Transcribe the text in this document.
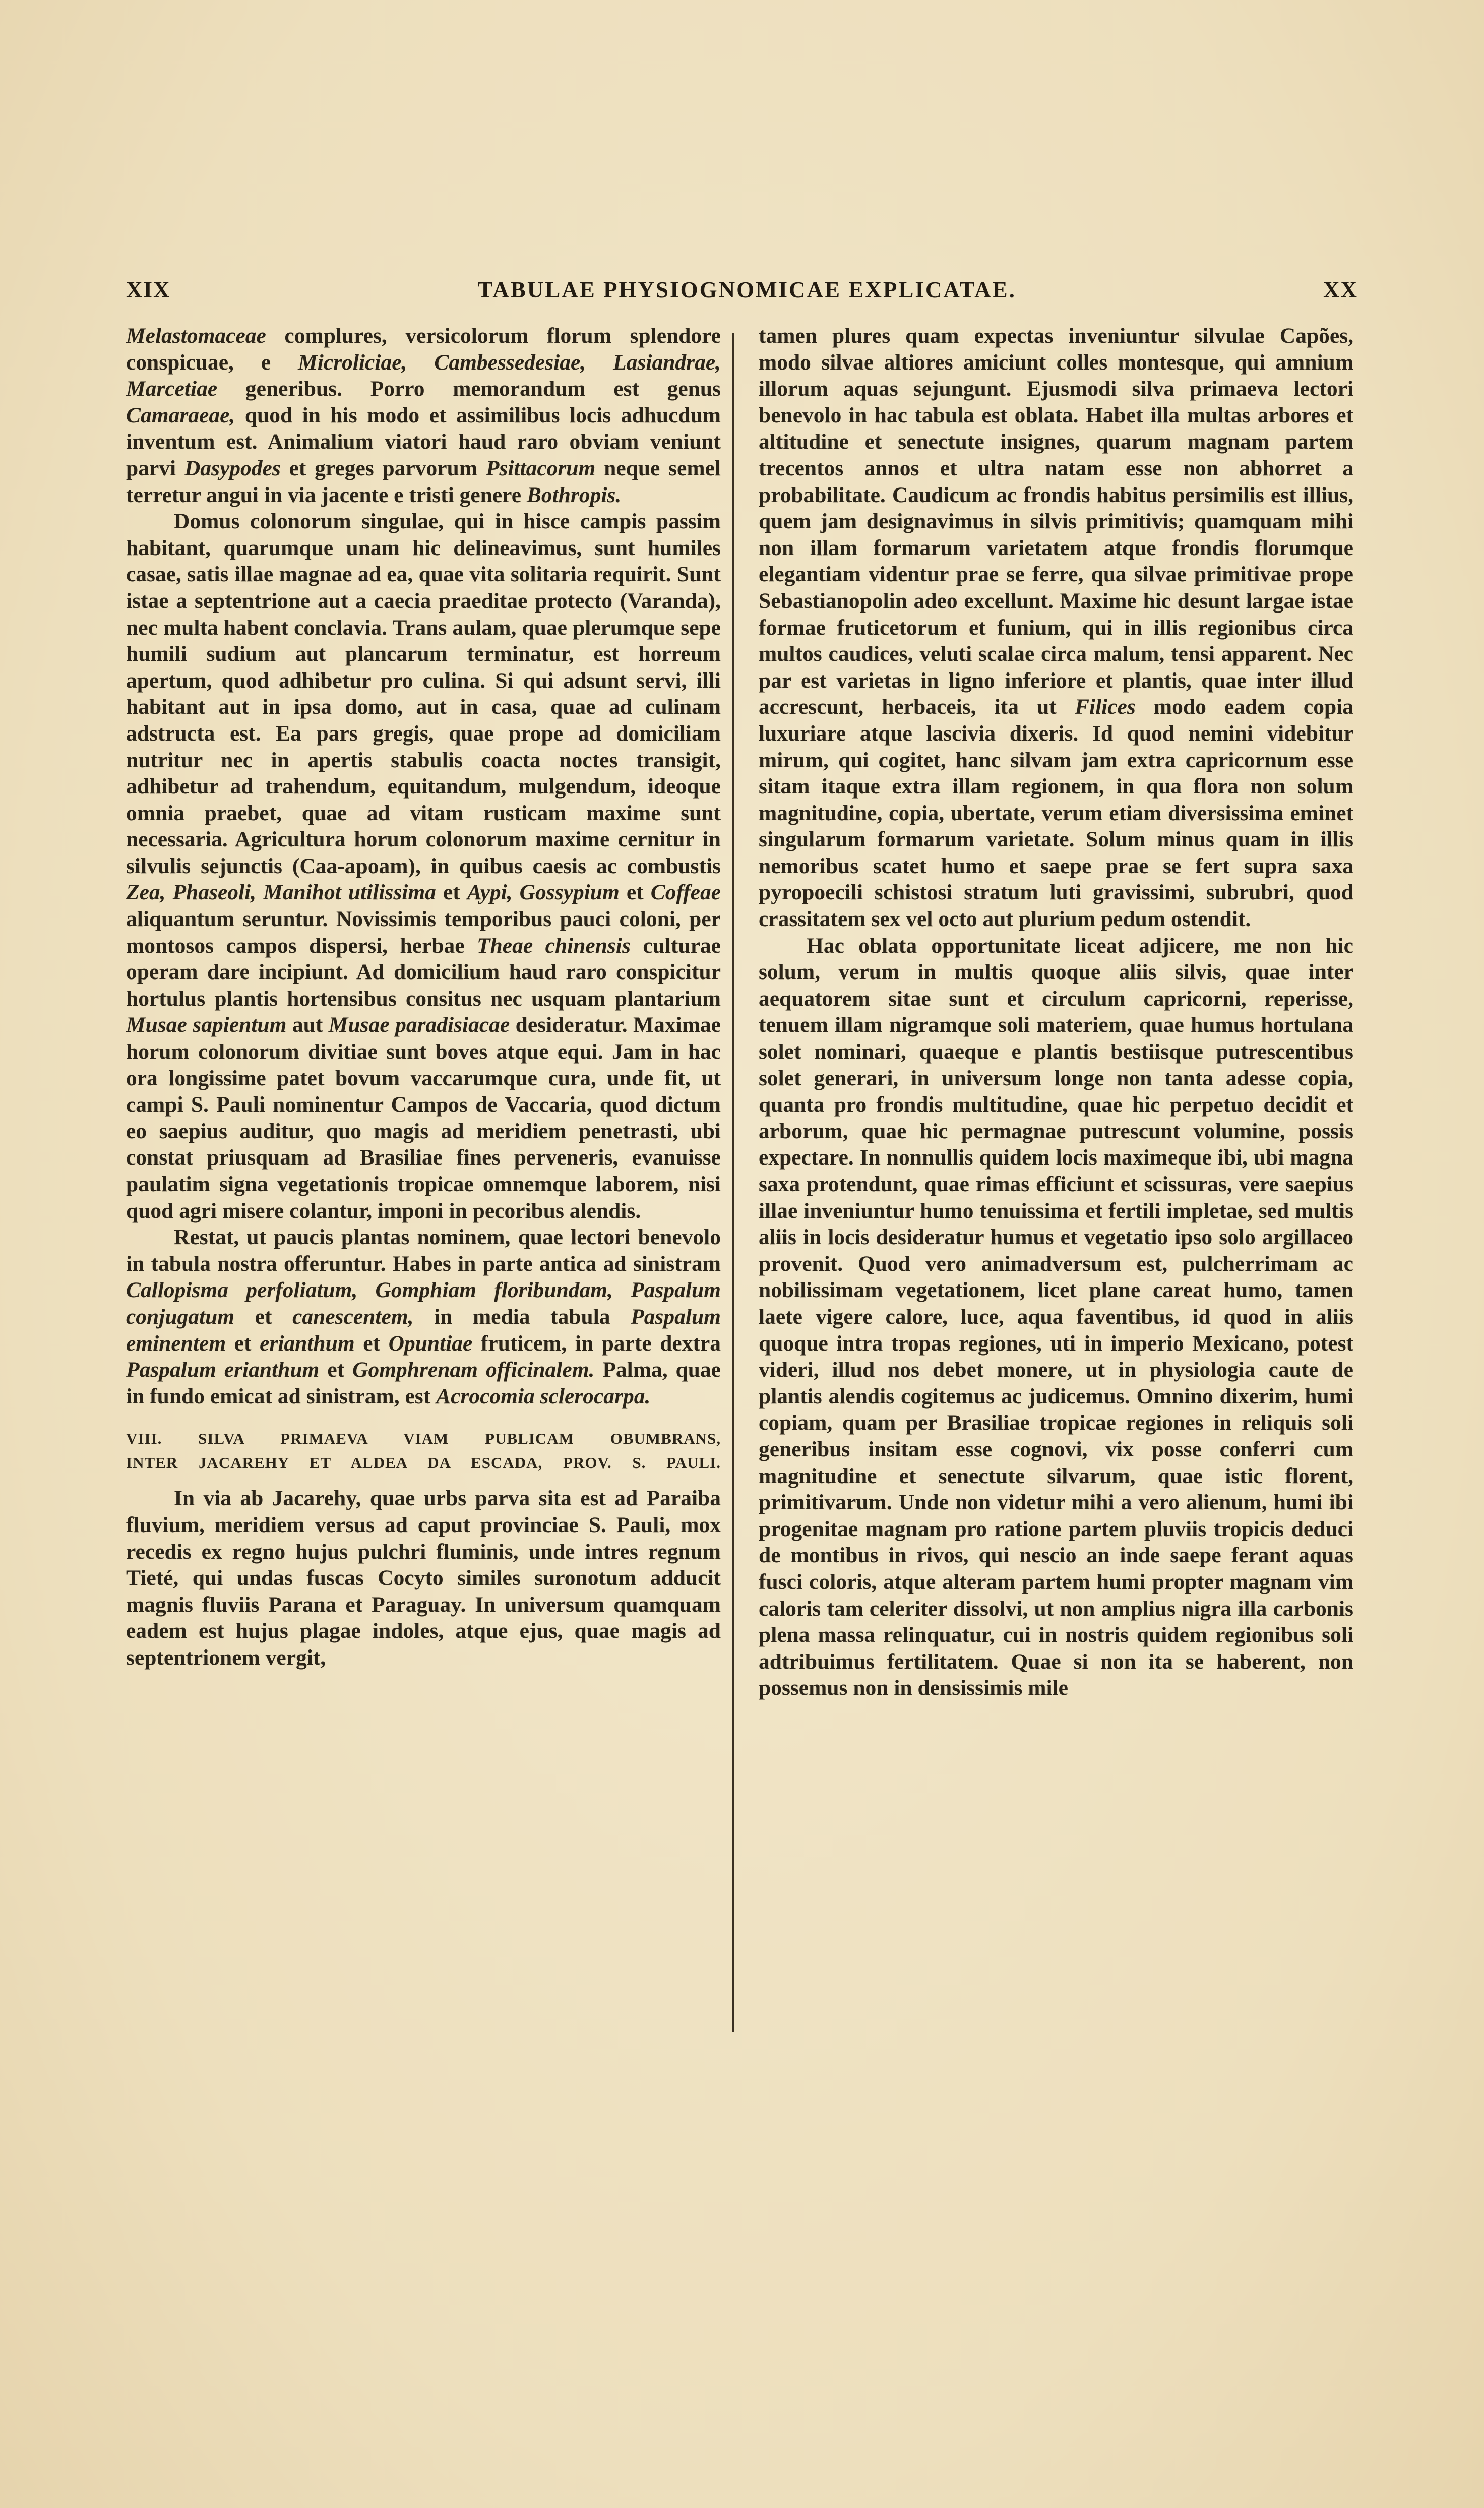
XIX	TABULAE PHYSIOGNOMICAE EXPLICATAE.	XX

Melastomaceae complures, versicolorum florum splendore conspicuae, e Microliciae, Cambessedesiae, Lasiandrae, Marcetiae generibus. Porro memorandum est genus Camaraeae, quod in his modo et assimilibus locis adhucdum inventum est. Animalium viatori haud raro obviam veniunt parvi Dasypodes et greges parvorum Psittacorum neque semel terretur angui in via jacente e tristi genere Bothropis.

Domus colonorum singulae, qui in hisce campis passim habitant, quarumque unam hic delineavimus, sunt humiles casae, satis illae magnae ad ea, quae vita solitaria requirit. Sunt istae a septentrione aut a caecia praeditae protecto (Varanda), nec multa habent conclavia. Trans aulam, quae plerumque sepe humili sudium aut plancarum terminatur, est horreum apertum, quod adhibetur pro culina. Si qui adsunt servi, illi habitant aut in ipsa domo, aut in casa, quae ad culinam adstructa est. Ea pars gregis, quae prope ad domiciliam nutritur nec in apertis stabulis coacta noctes transigit, adhibetur ad trahendum, equitandum, mulgendum, ideoque omnia praebet, quae ad vitam rusticam maxime sunt necessaria. Agricultura horum colonorum maxime cernitur in silvulis sejunctis (Caa-apoam), in quibus caesis ac combustis Zea, Phaseoli, Manihot utilissima et Aypi, Gossypium et Coffeae aliquantum seruntur. Novissimis temporibus pauci coloni, per montosos campos dispersi, herbae Theae chinensis culturae operam dare incipiunt. Ad domicilium haud raro conspicitur hortulus plantis hortensibus consitus nec usquam plantarium Musae sapientum aut Musae paradisiacae desideratur. Maximae horum colonorum divitiae sunt boves atque equi. Jam in hac ora longissime patet bovum vaccarumque cura, unde fit, ut campi S. Pauli nominentur Campos de Vaccaria, quod dictum eo saepius auditur, quo magis ad meridiem penetrasti, ubi constat priusquam ad Brasiliae fines perveneris, evanuisse paulatim signa vegetationis tropicae omnemque laborem, nisi quod agri misere colantur, imponi in pecoribus alendis.

Restat, ut paucis plantas nominem, quae lectori benevolo in tabula nostra offeruntur. Habes in parte antica ad sinistram Callopisma perfoliatum, Gomphiam floribundam, Paspalum conjugatum et canescentem, in media tabula Paspalum eminentem et erianthum et Opuntiae fruticem, in parte dextra Paspalum erianthum et Gomphrenam officinalem. Palma, quae in fundo emicat ad sinistram, est Acrocomia sclerocarpa.

VIII. SILVA PRIMAEVA VIAM PUBLICAM OBUMBRANS,
INTER JACAREHY ET ALDEA DA ESCADA, PROV. S. PAULI.

In via ab Jacarehy, quae urbs parva sita est ad Paraiba fluvium, meridiem versus ad caput provinciae S. Pauli, mox recedis ex regno hujus pulchri fluminis, unde intres regnum Tieté, qui undas fuscas Cocyto similes suronotum adducit magnis fluviis Parana et Paraguay. In universum quamquam eadem est hujus plagae indoles, atque ejus, quae magis ad septentrionem vergit,

tamen plures quam expectas inveniuntur silvulae Capões, modo silvae altiores amiciunt colles montesque, qui amnium illorum aquas sejungunt. Ejusmodi silva primaeva lectori benevolo in hac tabula est oblata. Habet illa multas arbores et altitudine et senectute insignes, quarum magnam partem trecentos annos et ultra natam esse non abhorret a probabilitate. Caudicum ac frondis habitus persimilis est illius, quem jam designavimus in silvis primitivis; quamquam mihi non illam formarum varietatem atque frondis florumque elegantiam videntur prae se ferre, qua silvae primitivae prope Sebastianopolin adeo excellunt. Maxime hic desunt largae istae formae fruticetorum et funium, qui in illis regionibus circa multos caudices, veluti scalae circa malum, tensi apparent. Nec par est varietas in ligno inferiore et plantis, quae inter illud accrescunt, herbaceis, ita ut Filices modo eadem copia luxuriare atque lascivia dixeris. Id quod nemini videbitur mirum, qui cogitet, hanc silvam jam extra capricornum esse sitam itaque extra illam regionem, in qua flora non solum magnitudine, copia, ubertate, verum etiam diversissima eminet singularum formarum varietate. Solum minus quam in illis nemoribus scatet humo et saepe prae se fert supra saxa pyropoecili schistosi stratum luti gravissimi, subrubri, quod crassitatem sex vel octo aut plurium pedum ostendit.

Hac oblata opportunitate liceat adjicere, me non hic solum, verum in multis quoque aliis silvis, quae inter aequatorem sitae sunt et circulum capricorni, reperisse, tenuem illam nigramque soli materiem, quae humus hortulana solet nominari, quaeque e plantis bestiisque putrescentibus solet generari, in universum longe non tanta adesse copia, quanta pro frondis multitudine, quae hic perpetuo decidit et arborum, quae hic permagnae putrescunt volumine, possis expectare. In nonnullis quidem locis maximeque ibi, ubi magna saxa protendunt, quae rimas efficiunt et scissuras, vere saepius illae inveniuntur humo tenuissima et fertili impletae, sed multis aliis in locis desideratur humus et vegetatio ipso solo argillaceo provenit. Quod vero animadversum est, pulcherrimam ac nobilissimam vegetationem, licet plane careat humo, tamen laete vigere calore, luce, aqua faventibus, id quod in aliis quoque intra tropas regiones, uti in imperio Mexicano, potest videri, illud nos debet monere, ut in physiologia caute de plantis alendis cogitemus ac judicemus. Omnino dixerim, humi copiam, quam per Brasiliae tropicae regiones in reliquis soli generibus insitam esse cognovi, vix posse conferri cum magnitudine et senectute silvarum, quae istic florent, primitivarum. Unde non videtur mihi a vero alienum, humi ibi progenitae magnam pro ratione partem pluviis tropicis deduci de montibus in rivos, qui nescio an inde saepe ferant aquas fusci coloris, atque alteram partem humi propter magnam vim caloris tam celeriter dissolvi, ut non amplius nigra illa carbonis plena massa relinquatur, cui in nostris quidem regionibus soli adtribuimus fertilitatem. Quae si non ita se haberent, non possemus non in densissimis mile
